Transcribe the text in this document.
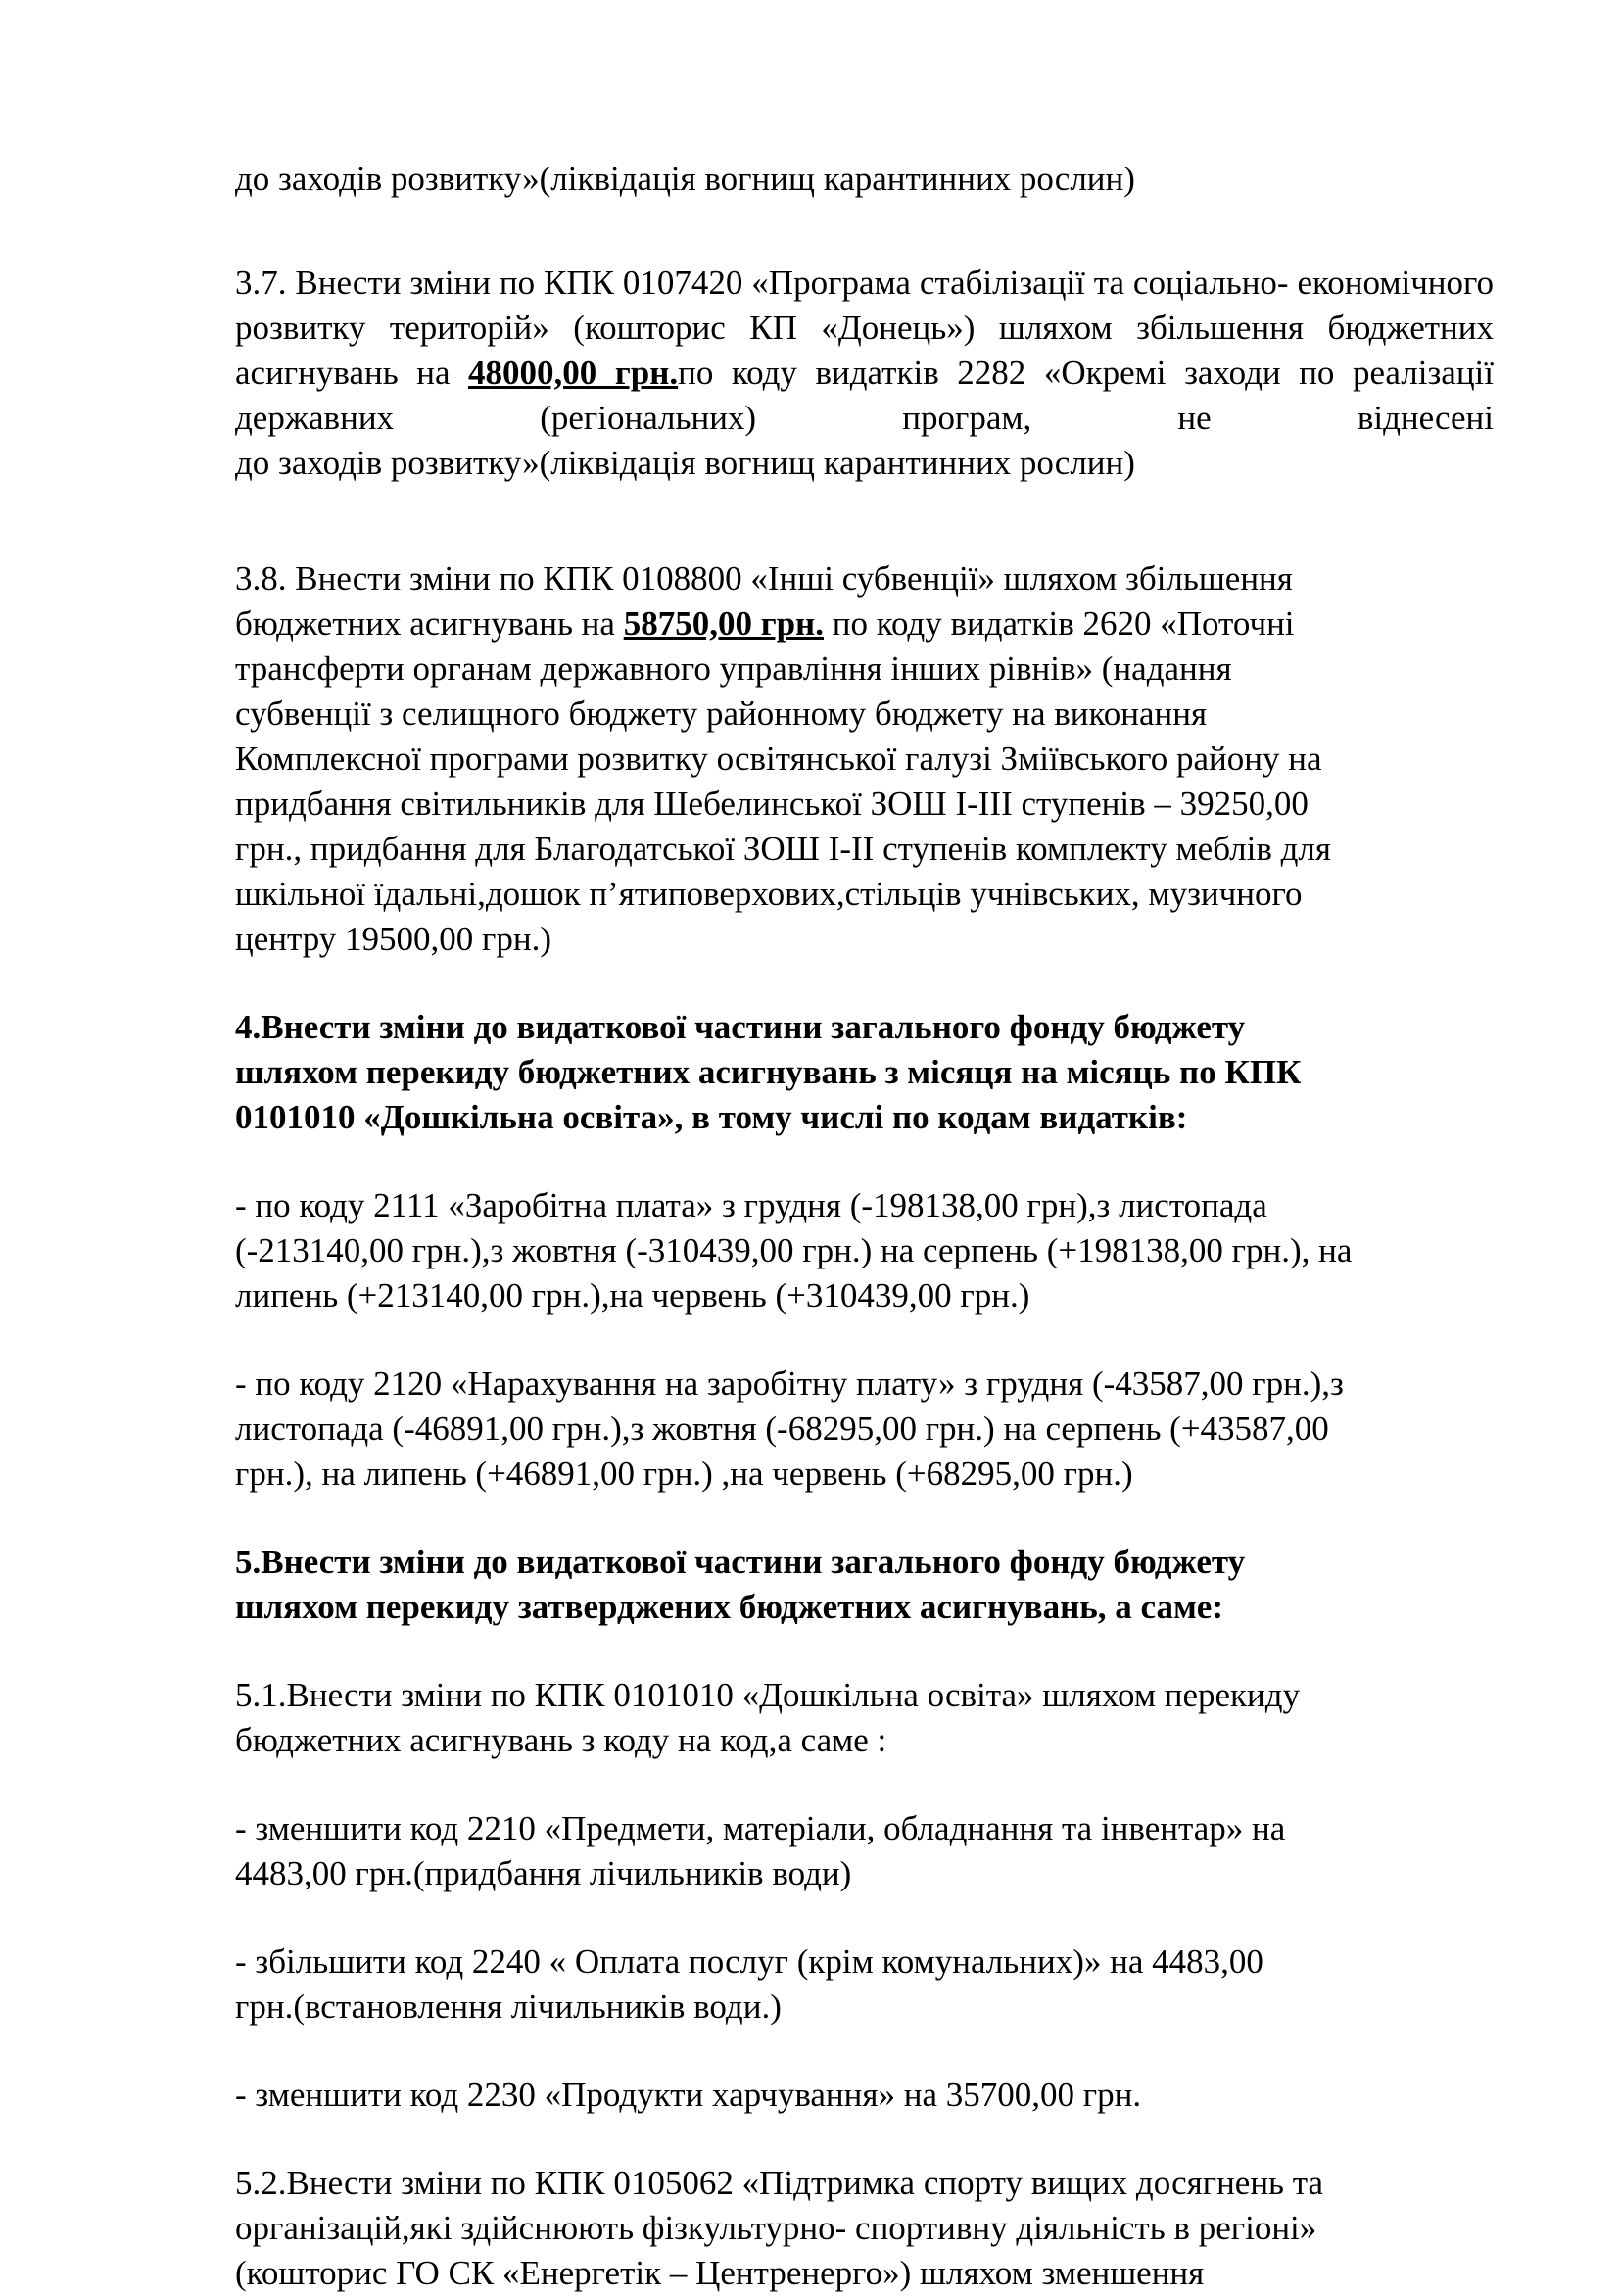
до заходів розвитку»(ліквідація вогнищ карантинних рослин)

3.7. Внести зміни по КПК 0107420 «Програма стабілізації та соціально- економічного розвитку територій» (кошторис КП «Донець») шляхом збільшення бюджетних асигнувань на 48000,00 грн.по коду видатків 2282 «Окремі заходи по реалізації державних (регіональних) програм, не віднесені
до заходів розвитку»(ліквідація вогнищ карантинних рослин)

3.8. Внести зміни по КПК 0108800 «Інші субвенції» шляхом збільшення
бюджетних асигнувань на 58750,00 грн. по коду видатків 2620 «Поточні
трансферти органам державного управління інших рівнів» (надання
субвенції з селищного бюджету районному бюджету на виконання
Комплексної програми розвитку освітянської галузі Зміївського району на
придбання світильників для Шебелинської ЗОШ І-ІІІ ступенів – 39250,00
грн., придбання для Благодатської ЗОШ І-ІІ ступенів комплекту меблів для
шкільної їдальні,дошок п’ятиповерхових,стільців учнівських, музичного
центру 19500,00 грн.)

4.Внести зміни до видаткової частини загального фонду бюджету
шляхом перекиду бюджетних асигнувань з місяця на місяць по КПК
0101010 «Дошкільна освіта», в тому числі по кодам видатків:

- по коду 2111 «Заробітна плата» з грудня (-198138,00 грн),з листопада
(-213140,00 грн.),з жовтня (-310439,00 грн.) на серпень (+198138,00 грн.), на
липень (+213140,00 грн.),на червень (+310439,00 грн.)

- по коду 2120 «Нарахування на заробітну плату» з грудня (-43587,00 грн.),з
листопада (-46891,00 грн.),з жовтня (-68295,00 грн.) на серпень (+43587,00
грн.), на липень (+46891,00 грн.) ,на червень (+68295,00 грн.)

5.Внести зміни до видаткової частини загального фонду бюджету
шляхом перекиду затверджених бюджетних асигнувань, а саме:

5.1.Внести зміни по КПК 0101010 «Дошкільна освіта» шляхом перекиду
бюджетних асигнувань з коду на код,а саме :

- зменшити код 2210 «Предмети, матеріали, обладнання та інвентар» на
4483,00 грн.(придбання лічильників води)

- збільшити код 2240 « Оплата послуг (крім комунальних)» на 4483,00
грн.(встановлення лічильників води.)

- зменшити код 2230 «Продукти харчування» на 35700,00 грн.

5.2.Внести зміни по КПК 0105062 «Підтримка спорту вищих досягнень та
організацій,які здійснюють фізкультурно- спортивну діяльність в регіоні»
(кошторис ГО СК «Енергетік – Центренерго») шляхом зменшення
